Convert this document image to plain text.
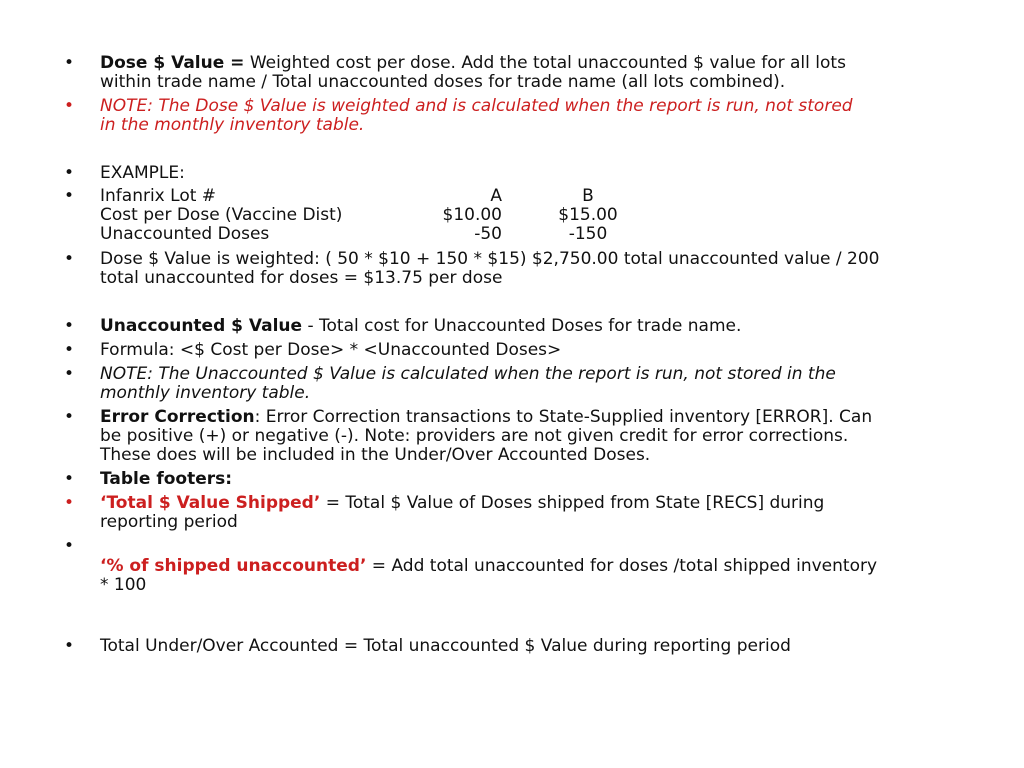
•	Dose $ Value = Weighted cost per dose. Add the total unaccounted $ value for all lots
within trade name / Total unaccounted doses for trade name (all lots combined).
•	NOTE: The Dose $ Value is weighted and is calculated when the report is run, not stored
in the monthly inventory table.
•	EXAMPLE:
•	Infanrix Lot #	A	B
Cost per Dose (Vaccine Dist)	$10.00	$15.00
Unaccounted Doses	-50	-150
•	Dose $ Value is weighted: ( 50 * $10 + 150 * $15) $2,750.00 total unaccounted value / 200
total unaccounted for doses = $13.75 per dose
•	Unaccounted $ Value - Total cost for Unaccounted Doses for trade name.
•	Formula: <$ Cost per Dose> * <Unaccounted Doses>
•	NOTE: The Unaccounted $ Value is calculated when the report is run, not stored in the
monthly inventory table.
•	Error Correction: Error Correction transactions to State-Supplied inventory [ERROR]. Can
be positive (+) or negative (-). Note: providers are not given credit for error corrections.
These does will be included in the Under/Over Accounted Doses.
•	Table footers:
•	‘Total $ Value Shipped’ = Total $ Value of Doses shipped from State [RECS] during
reporting period
•
‘% of shipped unaccounted’ = Add total unaccounted for doses /total shipped inventory
* 100
•	Total Under/Over Accounted = Total unaccounted $ Value during reporting period
